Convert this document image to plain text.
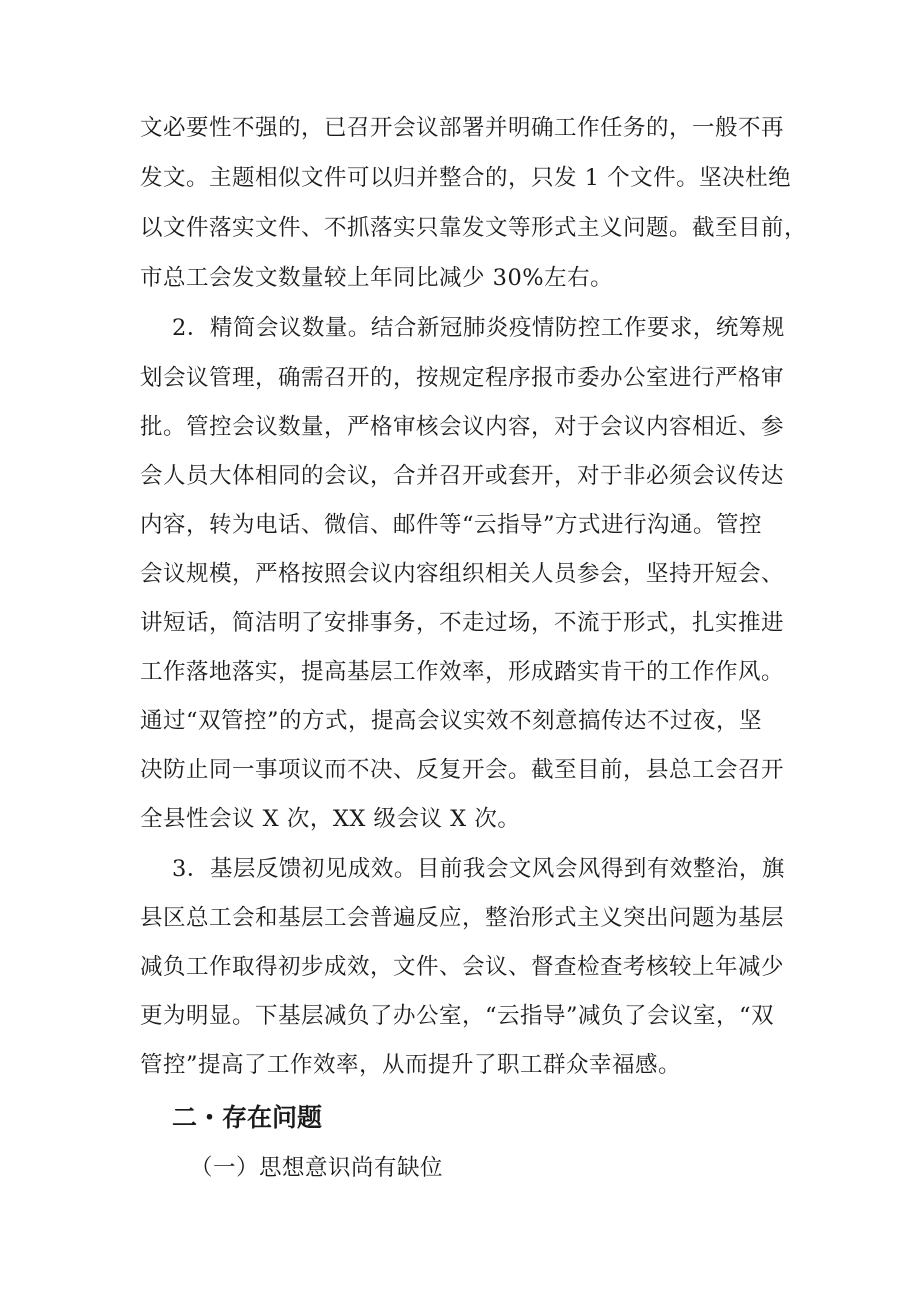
文必要性不强的，已召开会议部署并明确工作任务的，一般不再
发文。主题相似文件可以归并整合的，只发 1 个文件。坚决杜绝
以文件落实文件、不抓落实只靠发文等形式主义问题。截至目前，
市总工会发文数量较上年同比减少 30%左右。
2．精简会议数量。结合新冠肺炎疫情防控工作要求，统筹规
划会议管理，确需召开的，按规定程序报市委办公室进行严格审
批。管控会议数量，严格审核会议内容，对于会议内容相近、参
会人员大体相同的会议，合并召开或套开，对于非必须会议传达
内容，转为电话、微信、邮件等“云指导”方式进行沟通。管控
会议规模，严格按照会议内容组织相关人员参会，坚持开短会、
讲短话，简洁明了安排事务，不走过场，不流于形式，扎实推进
工作落地落实，提高基层工作效率，形成踏实肯干的工作作风。
通过“双管控”的方式，提高会议实效不刻意搞传达不过夜，坚
决防止同一事项议而不决、反复开会。截至目前，县总工会召开
全县性会议 X 次，XX 级会议 X 次。
3．基层反馈初见成效。目前我会文风会风得到有效整治，旗
县区总工会和基层工会普遍反应，整治形式主义突出问题为基层
减负工作取得初步成效，文件、会议、督查检查考核较上年减少
更为明显。下基层减负了办公室，“云指导”减负了会议室，“双
管控”提高了工作效率，从而提升了职工群众幸福感。
二・存在问题
（一）思想意识尚有缺位
